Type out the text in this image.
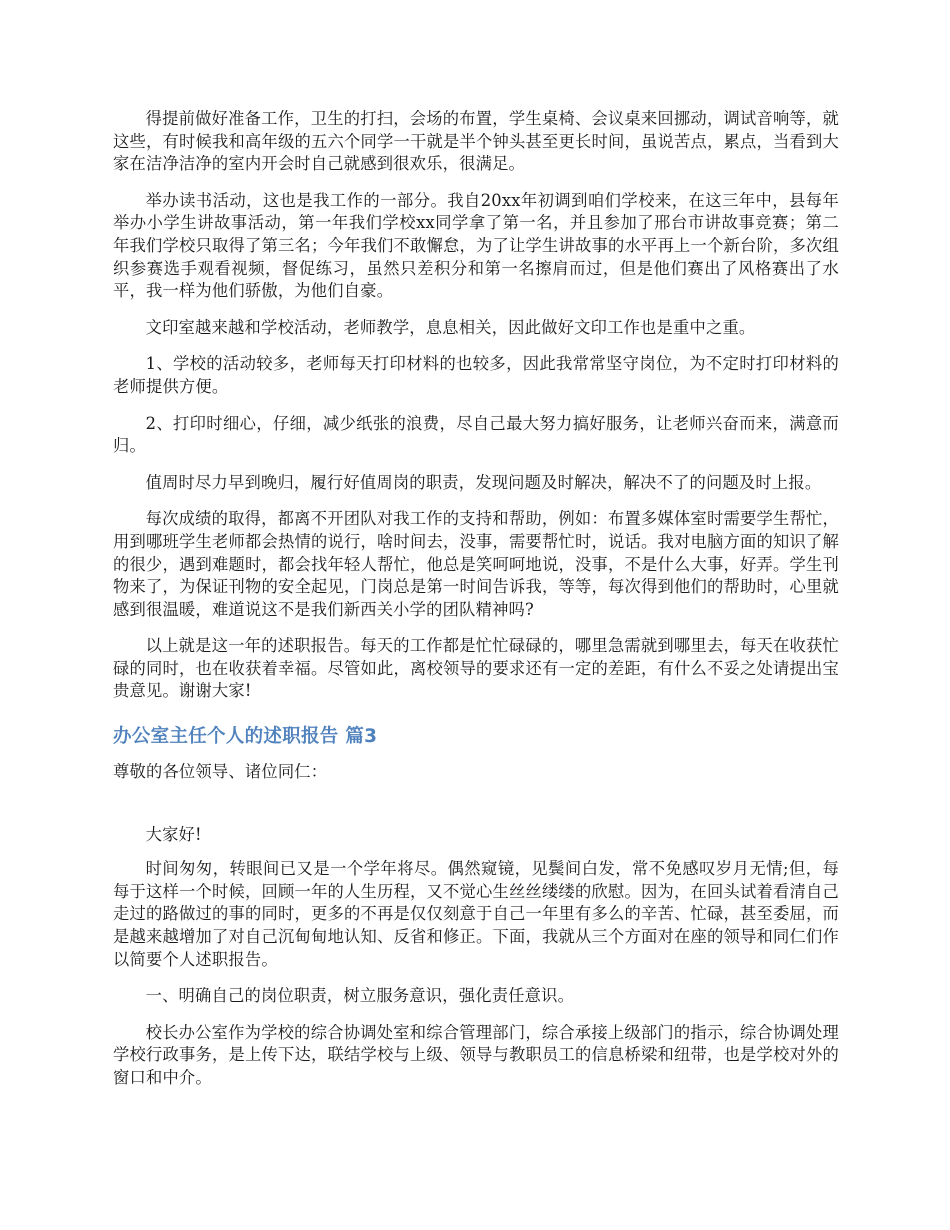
得提前做好准备工作，卫生的打扫，会场的布置，学生桌椅、会议桌来回挪动，调试音响等，就这些，有时候我和高年级的五六个同学一干就是半个钟头甚至更长时间，虽说苦点，累点，当看到大家在洁净洁净的室内开会时自己就感到很欢乐，很满足。

举办读书活动，这也是我工作的一部分。我自20xx年初调到咱们学校来，在这三年中，县每年举办小学生讲故事活动，第一年我们学校xx同学拿了第一名，并且参加了邢台市讲故事竞赛；第二年我们学校只取得了第三名；今年我们不敢懈怠，为了让学生讲故事的水平再上一个新台阶，多次组织参赛选手观看视频，督促练习，虽然只差积分和第一名擦肩而过，但是他们赛出了风格赛出了水平，我一样为他们骄傲，为他们自豪。

文印室越来越和学校活动，老师教学，息息相关，因此做好文印工作也是重中之重。

1、学校的活动较多，老师每天打印材料的也较多，因此我常常坚守岗位，为不定时打印材料的老师提供方便。

2、打印时细心，仔细，减少纸张的浪费，尽自己最大努力搞好服务，让老师兴奋而来，满意而归。

值周时尽力早到晚归，履行好值周岗的职责，发现问题及时解决，解决不了的问题及时上报。

每次成绩的取得，都离不开团队对我工作的支持和帮助，例如：布置多媒体室时需要学生帮忙，用到哪班学生老师都会热情的说行，啥时间去，没事，需要帮忙时，说话。我对电脑方面的知识了解的很少，遇到难题时，都会找年轻人帮忙，他总是笑呵呵地说，没事，不是什么大事，好弄。学生刊物来了，为保证刊物的安全起见，门岗总是第一时间告诉我，等等，每次得到他们的帮助时，心里就感到很温暖，难道说这不是我们新西关小学的团队精神吗?

以上就是这一年的述职报告。每天的工作都是忙忙碌碌的，哪里急需就到哪里去，每天在收获忙碌的同时，也在收获着幸福。尽管如此，离校领导的要求还有一定的差距，有什么不妥之处请提出宝贵意见。谢谢大家!

办公室主任个人的述职报告 篇3

尊敬的各位领导、诸位同仁：

大家好!

时间匆匆，转眼间已又是一个学年将尽。偶然窥镜，见鬓间白发，常不免感叹岁月无情;但，每每于这样一个时候，回顾一年的人生历程，又不觉心生丝丝缕缕的欣慰。因为，在回头试着看清自己走过的路做过的事的同时，更多的不再是仅仅刻意于自己一年里有多么的辛苦、忙碌，甚至委屈，而是越来越增加了对自己沉甸甸地认知、反省和修正。下面，我就从三个方面对在座的领导和同仁们作以简要个人述职报告。

一、明确自己的岗位职责，树立服务意识，强化责任意识。

校长办公室作为学校的综合协调处室和综合管理部门，综合承接上级部门的指示，综合协调处理学校行政事务，是上传下达，联结学校与上级、领导与教职员工的信息桥梁和纽带，也是学校对外的窗口和中介。
